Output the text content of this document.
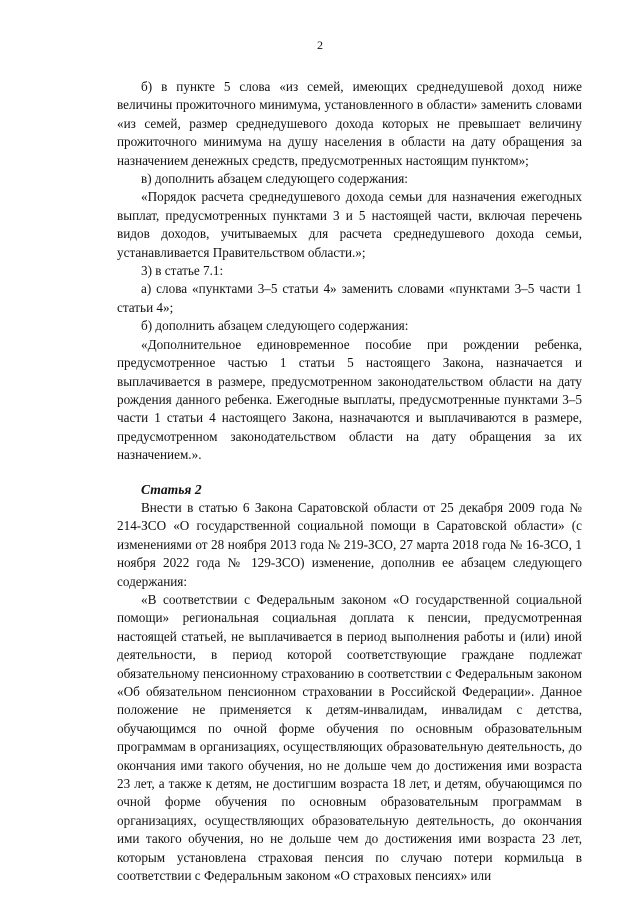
2

б) в пункте 5 слова «из семей, имеющих среднедушевой доход ниже величины прожиточного минимума, установленного в области» заменить словами «из семей, размер среднедушевого дохода которых не превышает величину прожиточного минимума на душу населения в области на дату обращения за назначением денежных средств, предусмотренных настоящим пунктом»;

в) дополнить абзацем следующего содержания:

«Порядок расчета среднедушевого дохода семьи для назначения ежегодных выплат, предусмотренных пунктами 3 и 5 настоящей части, включая перечень видов доходов, учитываемых для расчета среднедушевого дохода семьи, устанавливается Правительством области.»;

3) в статье 7.1:

а) слова «пунктами 3–5 статьи 4» заменить словами «пунктами 3–5 части 1 статьи 4»;

б) дополнить абзацем следующего содержания:

«Дополнительное единовременное пособие при рождении ребенка, предусмотренное частью 1 статьи 5 настоящего Закона, назначается и выплачивается в размере, предусмотренном законодательством области на дату рождения данного ребенка. Ежегодные выплаты, предусмотренные пунктами 3–5 части 1 статьи 4 настоящего Закона, назначаются и выплачиваются в размере, предусмотренном законодательством области на дату обращения за их назначением.».

Статья 2

Внести в статью 6 Закона Саратовской области от 25 декабря 2009 года № 214-ЗСО «О государственной социальной помощи в Саратовской области» (с изменениями от 28 ноября 2013 года № 219-ЗСО, 27 марта 2018 года № 16-ЗСО, 1 ноября 2022 года № 129-ЗСО) изменение, дополнив ее абзацем следующего содержания:

«В соответствии с Федеральным законом «О государственной социальной помощи» региональная социальная доплата к пенсии, предусмотренная настоящей статьей, не выплачивается в период выполнения работы и (или) иной деятельности, в период которой соответствующие граждане подлежат обязательному пенсионному страхованию в соответствии с Федеральным законом «Об обязательном пенсионном страховании в Российской Федерации». Данное положение не применяется к детям-инвалидам, инвалидам с детства, обучающимся по очной форме обучения по основным образовательным программам в организациях, осуществляющих образовательную деятельность, до окончания ими такого обучения, но не дольше чем до достижения ими возраста 23 лет, а также к детям, не достигшим возраста 18 лет, и детям, обучающимся по очной форме обучения по основным образовательным программам в организациях, осуществляющих образовательную деятельность, до окончания ими такого обучения, но не дольше чем до достижения ими возраста 23 лет, которым установлена страховая пенсия по случаю потери кормильца в соответствии с Федеральным законом «О страховых пенсиях» или
